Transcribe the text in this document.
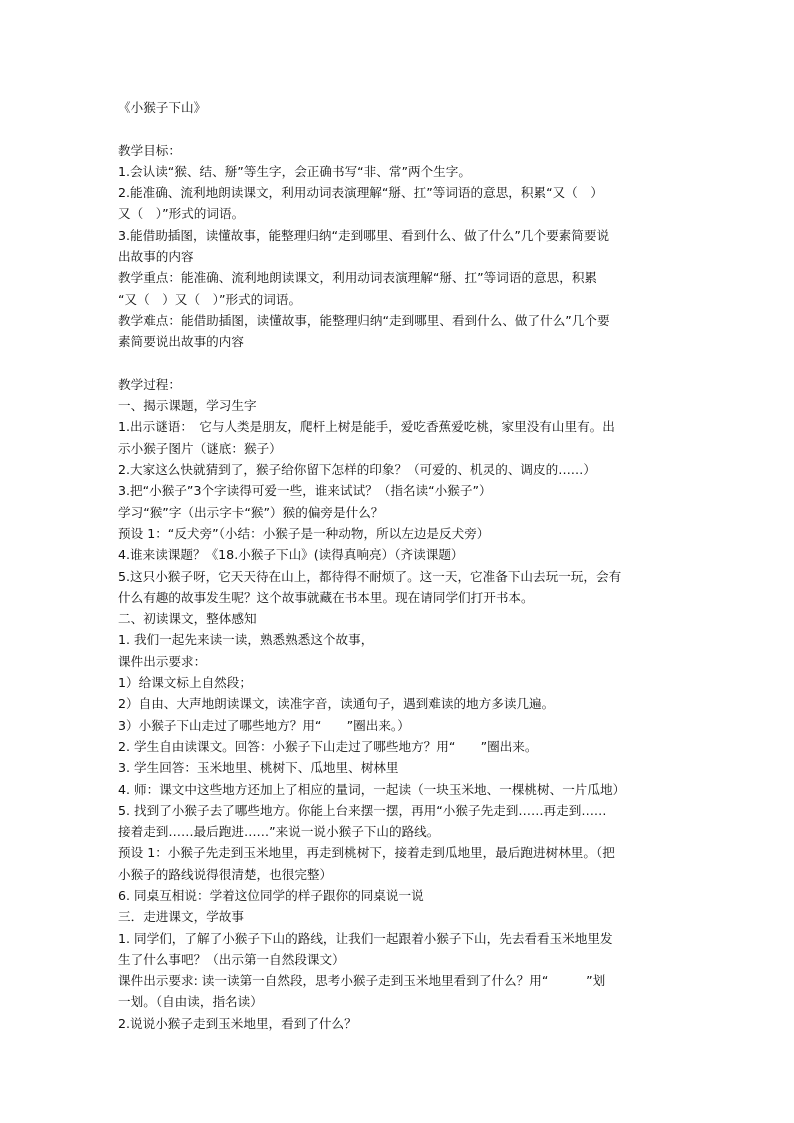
《小猴子下山》
教学目标：
1.会认读“猴、结、掰”等生字，会正确书写“非、常”两个生字。
2.能准确、流利地朗读课文，利用动词表演理解“掰、扛”等词语的意思，积累“又（　）
又（　）”形式的词语。
3.能借助插图，读懂故事，能整理归纳“走到哪里、看到什么、做了什么”几个要素简要说
出故事的内容
教学重点：能准确、流利地朗读课文，利用动词表演理解“掰、扛”等词语的意思，积累
“又（　）又（　）”形式的词语。
教学难点：能借助插图，读懂故事，能整理归纳“走到哪里、看到什么、做了什么”几个要
素简要说出故事的内容
教学过程：
一、揭示课题，学习生字
1.出示谜语：　它与人类是朋友，爬杆上树是能手，爱吃香蕉爱吃桃，家里没有山里有。出
示小猴子图片（谜底：猴子）
2.大家这么快就猜到了，猴子给你留下怎样的印象？（可爱的、机灵的、调皮的……）
3.把“小猴子”3个字读得可爱一些，谁来试试？（指名读“小猴子”）
学习“猴”字（出示字卡“猴”）猴的偏旁是什么？
预设 1：“反犬旁”（小结：小猴子是一种动物，所以左边是反犬旁）
4.谁来读课题？《18.小猴子下山》(读得真响亮）（齐读课题）
5.这只小猴子呀，它天天待在山上，都待得不耐烦了。这一天，它准备下山去玩一玩，会有
什么有趣的故事发生呢？这个故事就藏在书本里。现在请同学们打开书本。
二、初读课文，整体感知
1. 我们一起先来读一读，熟悉熟悉这个故事，
课件出示要求：
1）给课文标上自然段；
2）自由、大声地朗读课文，读准字音，读通句子，遇到难读的地方多读几遍。
3）小猴子下山走过了哪些地方？用“　　”圈出来。）
2. 学生自由读课文。回答：小猴子下山走过了哪些地方？用“　　”圈出来。
3. 学生回答：玉米地里、桃树下、瓜地里、树林里
4. 师：课文中这些地方还加上了相应的量词，一起读（一块玉米地、一棵桃树、一片瓜地）
5. 找到了小猴子去了哪些地方。你能上台来摆一摆，再用“小猴子先走到……再走到……
接着走到……最后跑进……”来说一说小猴子下山的路线。
预设 1：小猴子先走到玉米地里，再走到桃树下，接着走到瓜地里，最后跑进树林里。（把
小猴子的路线说得很清楚，也很完整）
6. 同桌互相说：学着这位同学的样子跟你的同桌说一说
三．走进课文，学故事
1. 同学们，了解了小猴子下山的路线，让我们一起跟着小猴子下山，先去看看玉米地里发
生了什么事吧？（出示第一自然段课文）
课件出示要求: 读一读第一自然段，思考小猴子走到玉米地里看到了什么？用“　　　”划
一划。（自由读，指名读）
2.说说小猴子走到玉米地里，看到了什么？
